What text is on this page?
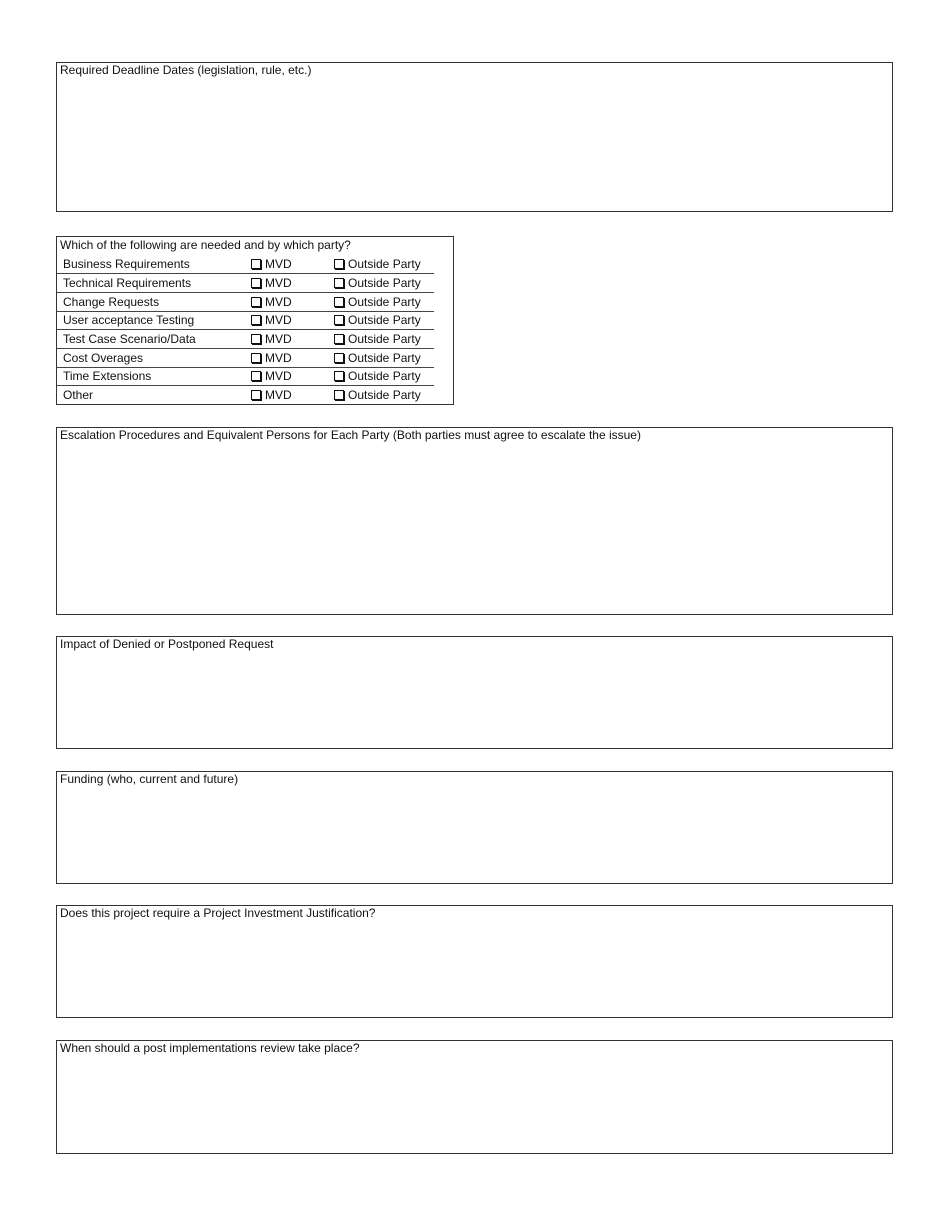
Required Deadline Dates (legislation, rule, etc.)
Which of the following are needed and by which party?
Business Requirements	MVD	Outside Party
Technical Requirements	MVD	Outside Party
Change Requests	MVD	Outside Party
User acceptance Testing	MVD	Outside Party
Test Case Scenario/Data	MVD	Outside Party
Cost Overages	MVD	Outside Party
Time Extensions	MVD	Outside Party
Other	MVD	Outside Party
Escalation Procedures and Equivalent Persons for Each Party (Both parties must agree to escalate the issue)
Impact of Denied or Postponed Request
Funding (who, current and future)
Does this project require a Project Investment Justification?
When should a post implementations review take place?
